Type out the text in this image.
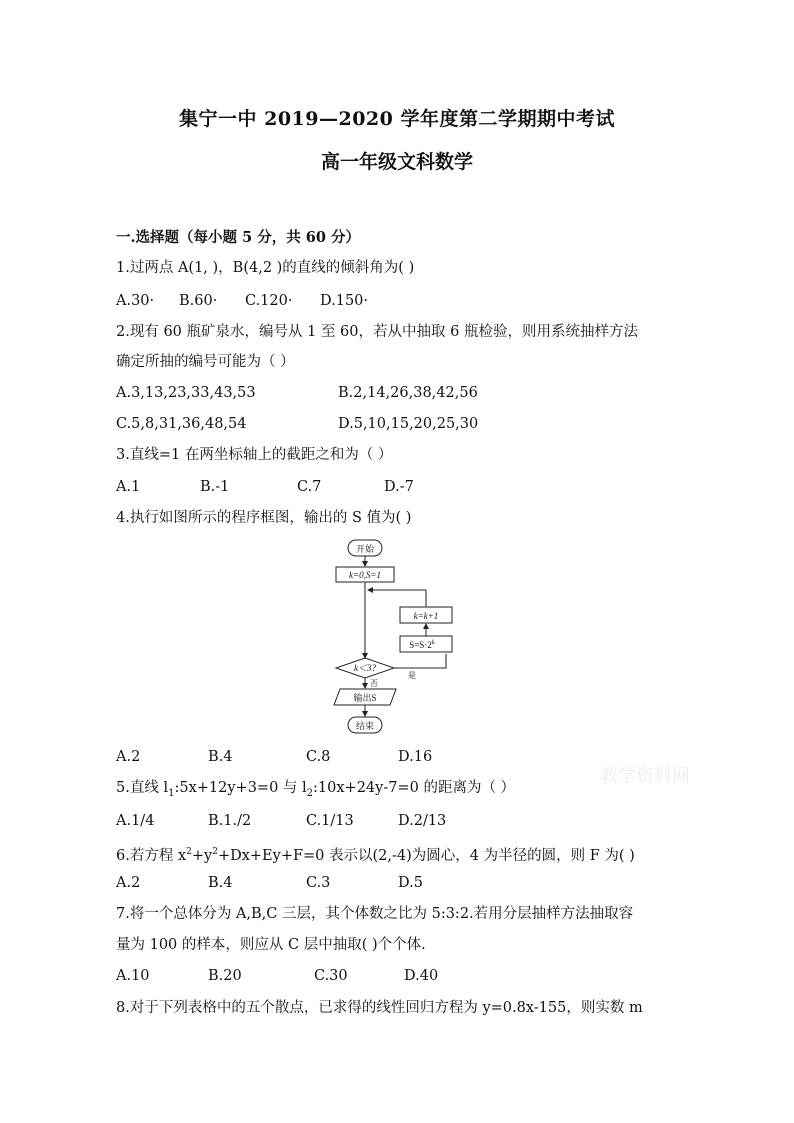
集宁一中 2019—2020 学年度第二学期期中考试
高一年级文科数学
一.选择题（每小题 5 分，共 60 分）
1.过两点 A(1, )，B(4,2 )的直线的倾斜角为( )
A.30· B.60· C.120· D.150·
2.现有 60 瓶矿泉水，编号从 1 至 60，若从中抽取 6 瓶检验，则用系统抽样方法
确定所抽的编号可能为（ ）
A.3,13,23,33,43,53	B.2,14,26,38,42,56
C.5,8,31,36,48,54	D.5,10,15,20,25,30
3.直线=1 在两坐标轴上的截距之和为（ ）
A.1	B.-1	C.7	D.-7
4.执行如图所示的程序框图，输出的 S 值为( )
开始
k=0,S=1
k=k+1
$S=S\cdot 2^k$
k＜3?
否
是
输出S
结束
A.2	B.4	C.8	D.16
教学资料网
5.直线 $l_1:5x+12y+3=0$ 与 $l_2:10x+24y-7=0$ 的距离为（ ）
A.1/4	B.1./2	C.1/13	D.2/13
6.若方程 $x^2+y^2+Dx+Ey+F=0$ 表示以(2,-4)为圆心，4 为半径的圆，则 F 为( )
A.2	B.4	C.3	D.5
7.将一个总体分为 A,B,C 三层，其个体数之比为 5:3:2.若用分层抽样方法抽取容
量为 100 的样本，则应从 C 层中抽取( )个个体.
A.10	B.20	C.30	D.40
8.对于下列表格中的五个散点，已求得的线性回归方程为 y=0.8x-155，则实数 m
